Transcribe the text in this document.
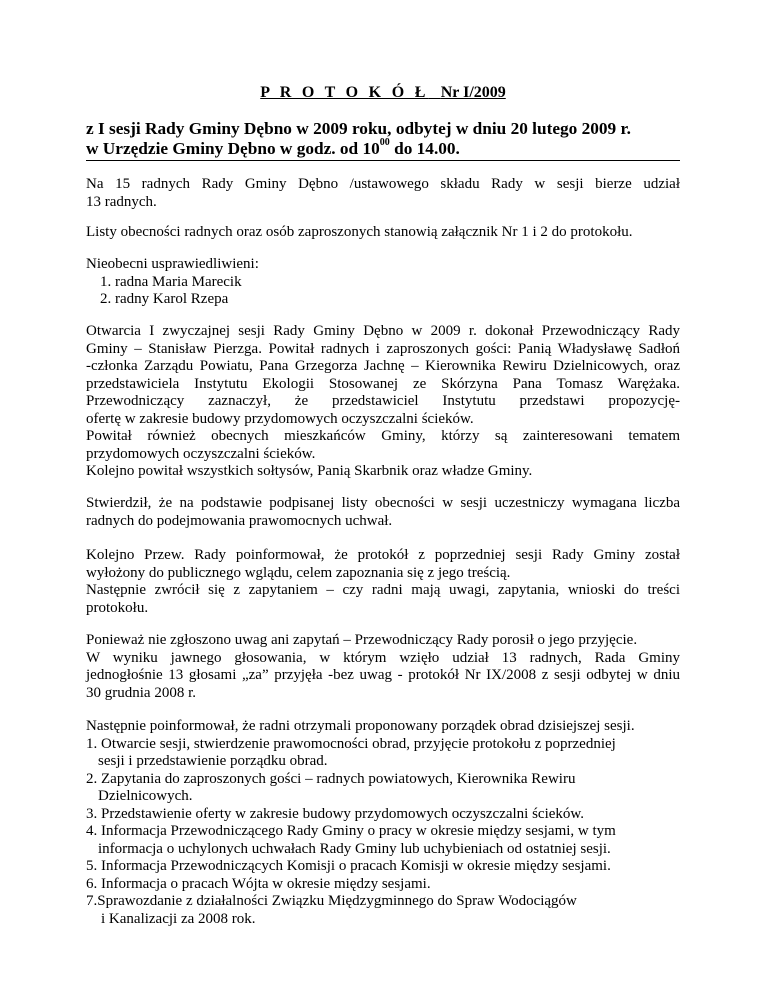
P R O T O K Ó Ł Nr I/2009
z I sesji Rady Gminy Dębno w 2009 roku, odbytej w dniu 20 lutego 2009 r.
w Urzędzie Gminy Dębno w godz. od $10^{00}$ do 14.00.
Na 15 radnych Rady Gminy Dębno /ustawowego składu Rady w sesji bierze udział
13 radnych.
Listy obecności radnych oraz osób zaproszonych stanowią załącznik Nr 1 i 2 do protokołu.
Nieobecni usprawiedliwieni:
1. radna Maria Marecik
2. radny Karol Rzepa
Otwarcia I zwyczajnej sesji Rady Gminy Dębno w 2009 r. dokonał Przewodniczący Rady
Gminy – Stanisław Pierzga. Powitał radnych i zaproszonych gości: Panią Władysławę Sadłoń
-członka Zarządu Powiatu, Pana Grzegorza Jachnę – Kierownika Rewiru Dzielnicowych, oraz
przedstawiciela Instytutu Ekologii Stosowanej ze Skórzyna Pana Tomasz Warężaka.
Przewodniczący zaznaczył, że przedstawiciel Instytutu przedstawi propozycję-
ofertę w zakresie budowy przydomowych oczyszczalni ścieków.
Powitał również obecnych mieszkańców Gminy, którzy są zainteresowani tematem
przydomowych oczyszczalni ścieków.
Kolejno powitał wszystkich sołtysów, Panią Skarbnik oraz władze Gminy.
Stwierdził, że na podstawie podpisanej listy obecności w sesji uczestniczy wymagana liczba
radnych do podejmowania prawomocnych uchwał.
Kolejno Przew. Rady poinformował, że protokół z poprzedniej sesji Rady Gminy został
wyłożony do publicznego wglądu, celem zapoznania się z jego treścią.
Następnie zwrócił się z zapytaniem – czy radni mają uwagi, zapytania, wnioski do treści
protokołu.
Ponieważ nie zgłoszono uwag ani zapytań – Przewodniczący Rady porosił o jego przyjęcie.
W wyniku jawnego głosowania, w którym wzięło udział 13 radnych, Rada Gminy
jednogłośnie 13 głosami „za” przyjęła -bez uwag - protokół Nr IX/2008 z sesji odbytej w dniu
30 grudnia 2008 r.
Następnie poinformował, że radni otrzymali proponowany porządek obrad dzisiejszej sesji.
1. Otwarcie sesji, stwierdzenie prawomocności obrad, przyjęcie protokołu z poprzedniej
sesji i przedstawienie porządku obrad.
2. Zapytania do zaproszonych gości – radnych powiatowych, Kierownika Rewiru
Dzielnicowych.
3. Przedstawienie oferty w zakresie budowy przydomowych oczyszczalni ścieków.
4. Informacja Przewodniczącego Rady Gminy o pracy w okresie między sesjami, w tym
informacja o uchylonych uchwałach Rady Gminy lub uchybieniach od ostatniej sesji.
5. Informacja Przewodniczących Komisji o pracach Komisji w okresie między sesjami.
6. Informacja o pracach Wójta w okresie między sesjami.
7.Sprawozdanie z działalności Związku Międzygminnego do Spraw Wodociągów
i Kanalizacji za 2008 rok.
